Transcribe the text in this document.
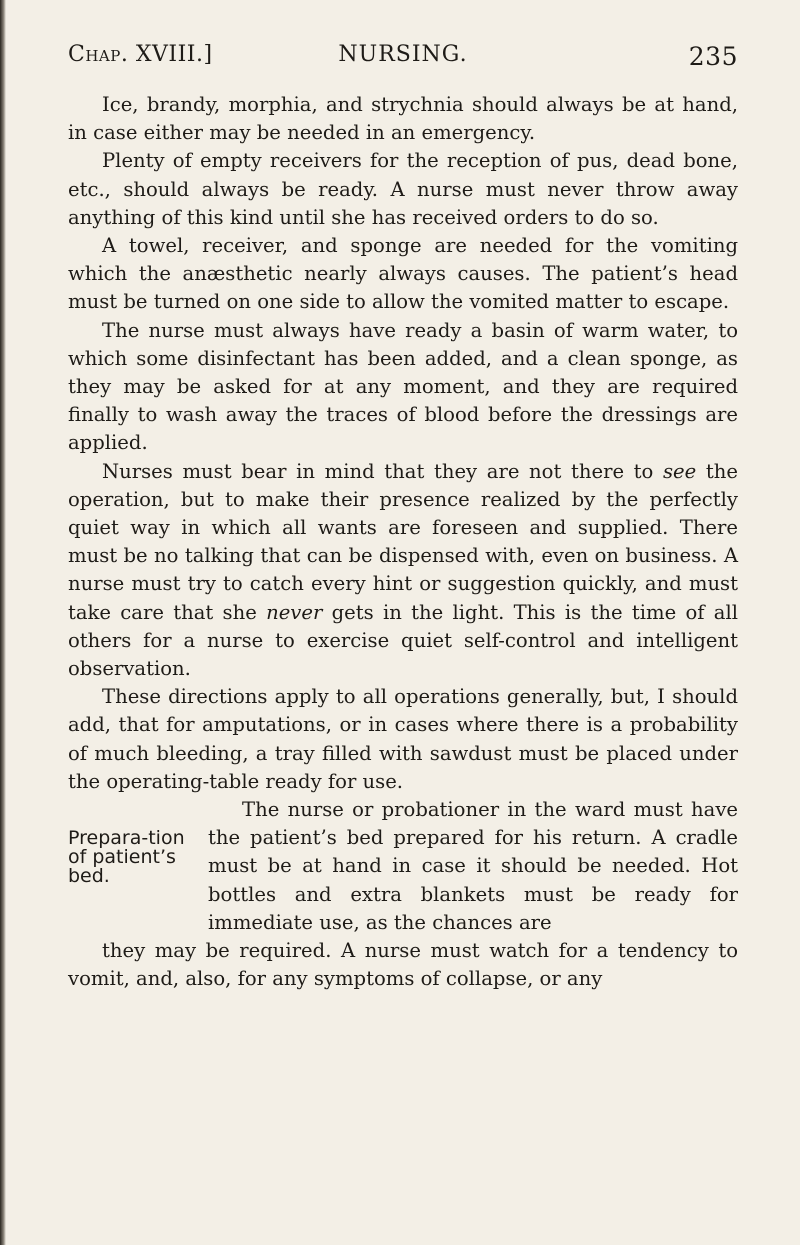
Chap. XVIII.]	NURSING.	235

Ice, brandy, morphia, and strychnia should always be at hand, in case either may be needed in an emergency.

Plenty of empty receivers for the reception of pus, dead bone, etc., should always be ready. A nurse must never throw away anything of this kind until she has received orders to do so.

A towel, receiver, and sponge are needed for the vomiting which the anæsthetic nearly always causes. The patient’s head must be turned on one side to allow the vomited matter to escape.

The nurse must always have ready a basin of warm water, to which some disinfectant has been added, and a clean sponge, as they may be asked for at any moment, and they are required finally to wash away the traces of blood before the dressings are applied.

Nurses must bear in mind that they are not there to see the operation, but to make their presence realized by the perfectly quiet way in which all wants are foreseen and supplied. There must be no talking that can be dispensed with, even on business. A nurse must try to catch every hint or suggestion quickly, and must take care that she never gets in the light. This is the time of all others for a nurse to exercise quiet self-control and intelligent observation.

These directions apply to all operations generally, but, I should add, that for amputations, or in cases where there is a probability of much bleeding, a tray filled with sawdust must be placed under the operating-table ready for use.

Prepara-tion of patient’s bed.

The nurse or probationer in the ward must have the patient’s bed prepared for his return. A cradle must be at hand in case it should be needed. Hot bottles and extra blankets must be ready for immediate use, as the chances are

they may be required. A nurse must watch for a tendency to vomit, and, also, for any symptoms of collapse, or any
